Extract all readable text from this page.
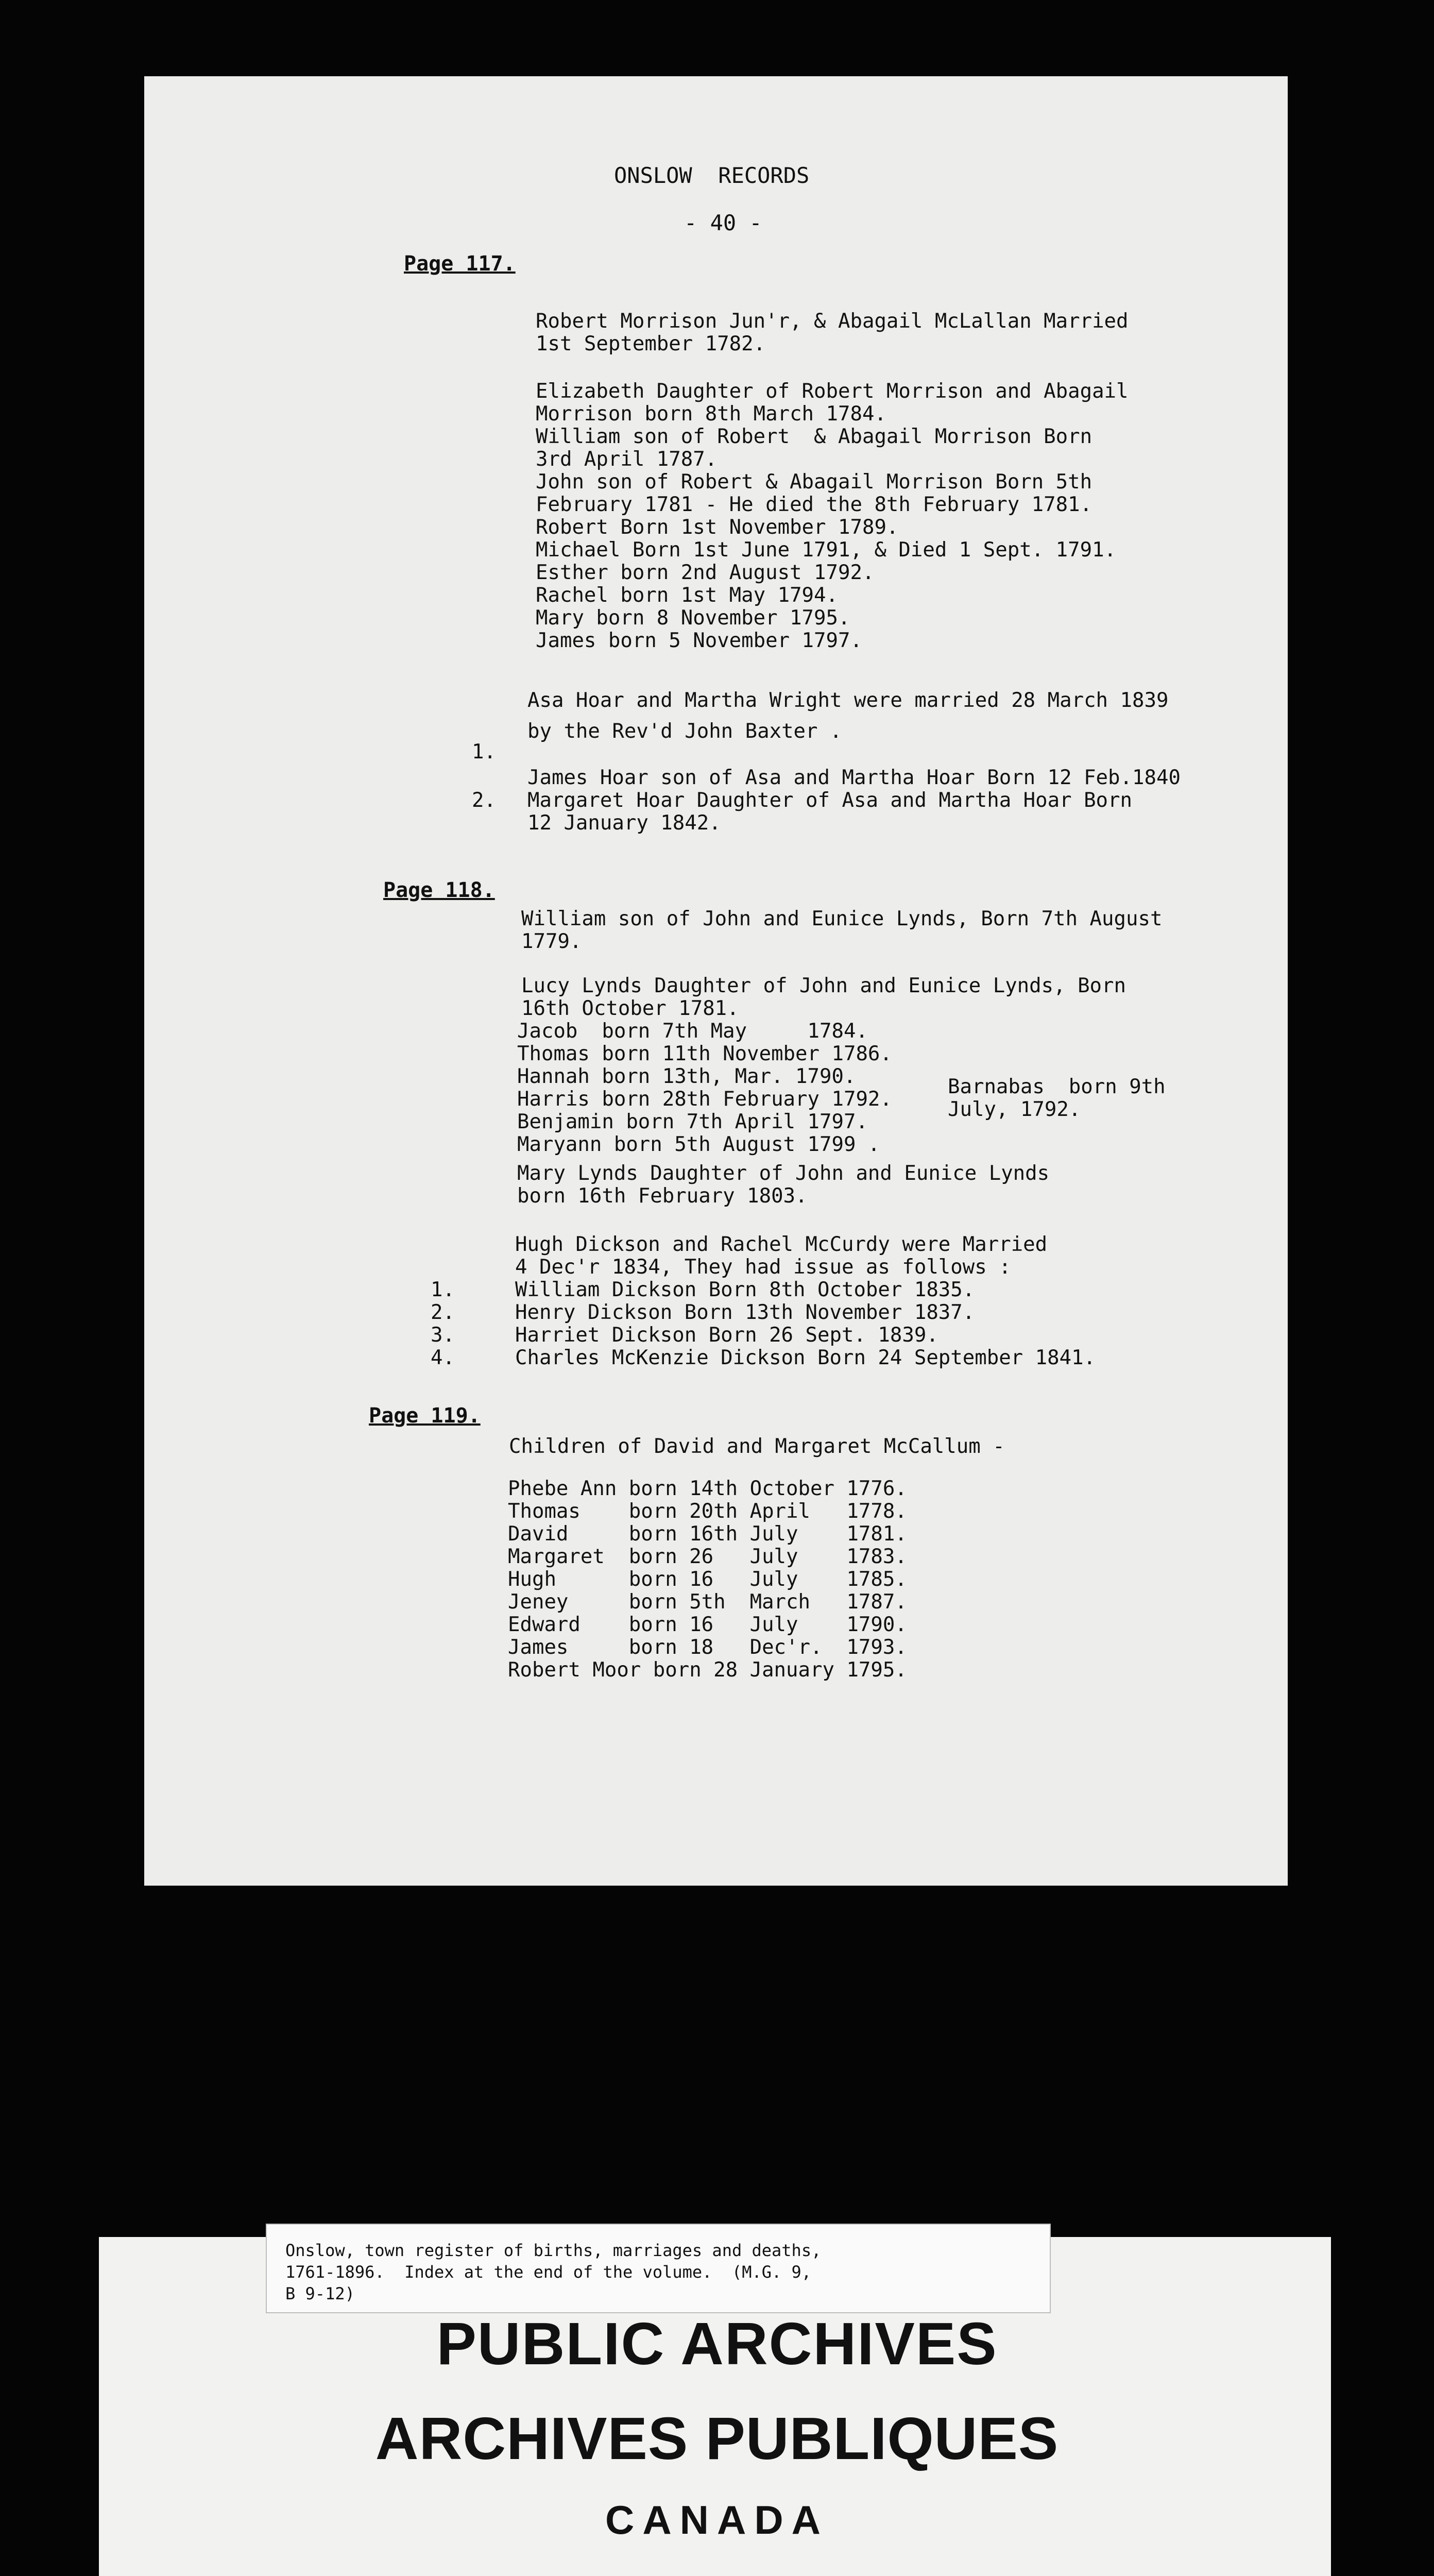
ONSLOW  RECORDS
- 40 -
Page 117.
Robert Morrison Jun'r, & Abagail McLallan Married
1st September 1782.
Elizabeth Daughter of Robert Morrison and Abagail
Morrison born 8th March 1784.
William son of Robert  & Abagail Morrison Born
3rd April 1787.
John son of Robert & Abagail Morrison Born 5th
February 1781 - He died the 8th February 1781.
Robert Born 1st November 1789.
Michael Born 1st June 1791, & Died 1 Sept. 1791.
Esther born 2nd August 1792.
Rachel born 1st May 1794.
Mary born 8 November 1795.
James born 5 November 1797.
Asa Hoar and Martha Wright were married 28 March 1839
by the Rev'd John Baxter .
1.
James Hoar son of Asa and Martha Hoar Born 12 Feb.1840
2. Margaret Hoar Daughter of Asa and Martha Hoar Born
12 January 1842.
Page 118.
William son of John and Eunice Lynds, Born 7th August
1779.
Lucy Lynds Daughter of John and Eunice Lynds, Born
16th October 1781.
Jacob  born 7th May     1784.
Thomas born 11th November 1786.
Hannah born 13th, Mar. 1790.	Barnabas  born 9th
Harris born 28th February 1792.	July, 1792.
Benjamin born 7th April 1797.
Maryann born 5th August 1799 .
Mary Lynds Daughter of John and Eunice Lynds
born 16th February 1803.
Hugh Dickson and Rachel McCurdy were Married
4 Dec'r 1834, They had issue as follows :
1.	William Dickson Born 8th October 1835.
2.	Henry Dickson Born 13th November 1837.
3.	Harriet Dickson Born 26 Sept. 1839.
4.	Charles McKenzie Dickson Born 24 September 1841.
Page 119.
Children of David and Margaret McCallum -
Phebe Ann born 14th October 1776.
Thomas    born 20th April   1778.
David     born 16th July    1781.
Margaret  born 26   July    1783.
Hugh      born 16   July    1785.
Jeney     born 5th  March   1787.
Edward    born 16   July    1790.
James     born 18   Dec'r.  1793.
Robert Moor born 28 January 1795.
Onslow, town register of births, marriages and deaths,
1761-1896.  Index at the end of the volume.  (M.G. 9,
B 9-12)
PUBLIC ARCHIVES
ARCHIVES PUBLIQUES
CANADA
